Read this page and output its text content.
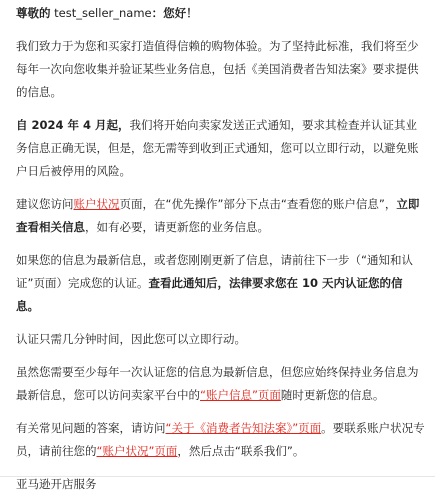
尊敬的 test_seller_name：您好！

我们致力于为您和买家打造值得信赖的购物体验。为了坚持此标准，我们将至少每年一次向您收集并验证某些业务信息，包括《美国消费者告知法案》要求提供的信息。

自 2024 年 4 月起，我们将开始向卖家发送正式通知，要求其检查并认证其业务信息正确无误，但是，您无需等到收到正式通知，您可以立即行动，以避免账户日后被停用的风险。

建议您访问账户状况页面，在“优先操作”部分下点击“查看您的账户信息”，立即查看相关信息，如有必要，请更新您的业务信息。

如果您的信息为最新信息，或者您刚刚更新了信息，请前往下一步（“通知和认证”页面）完成您的认证。查看此通知后，法律要求您在 10 天内认证您的信息。

认证只需几分钟时间，因此您可以立即行动。

虽然您需要至少每年一次认证您的信息为最新信息，但您应始终保持业务信息为最新信息，您可以访问卖家平台中的“账户信息”页面随时更新您的信息。

有关常见问题的答案，请访问“关于《消费者告知法案》”页面。要联系账户状况专员，请前往您的“账户状况”页面，然后点击“联系我们”。

亚马逊开店服务
